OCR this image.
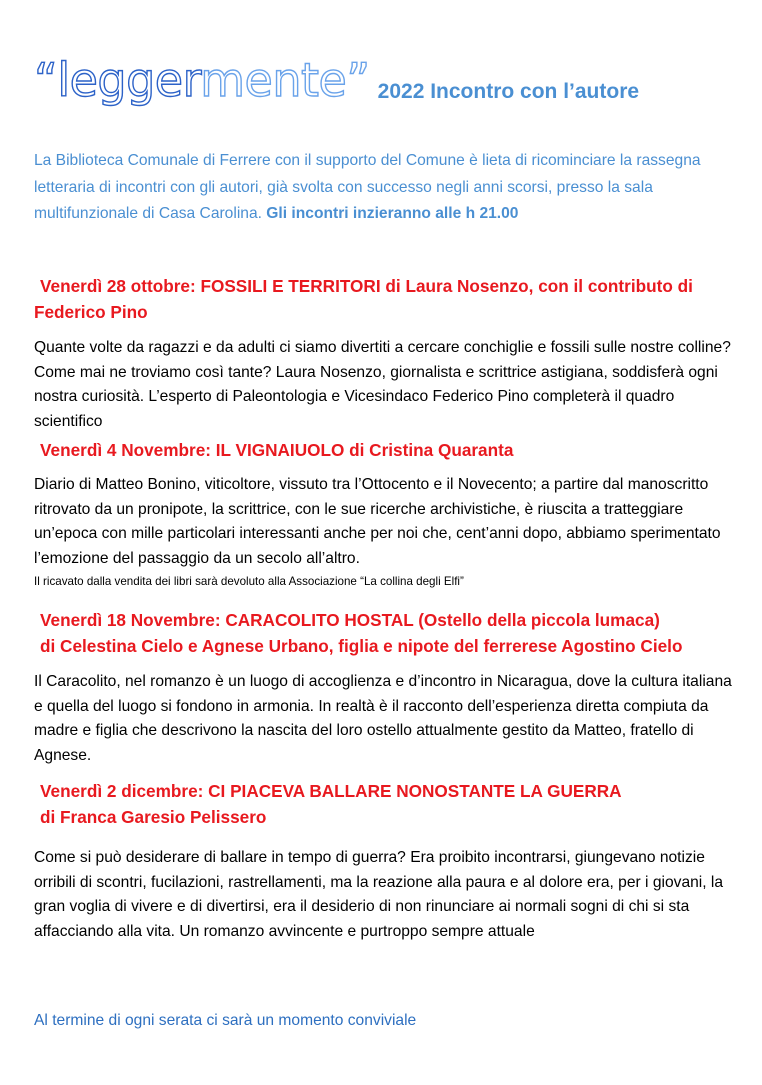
“leggermente” 2022 Incontro con l’autore
La Biblioteca Comunale di Ferrere con il supporto del Comune è lieta di ricominciare la rassegna letteraria di incontri con gli autori, già svolta con successo negli anni scorsi, presso la sala multifunzionale di Casa Carolina. Gli incontri inzieranno alle h 21.00
Venerdì 28 ottobre: FOSSILI E TERRITORI di Laura Nosenzo, con il contributo di
Federico Pino
Quante volte da ragazzi e da adulti ci siamo divertiti a cercare conchiglie e fossili sulle nostre colline? Come mai ne troviamo così tante? Laura Nosenzo, giornalista e scrittrice astigiana, soddisferà ogni nostra curiosità. L’esperto di Paleontologia e Vicesindaco Federico Pino completerà il quadro scientifico
Venerdì 4 Novembre: IL VIGNAIUOLO di Cristina Quaranta
Diario di Matteo Bonino, viticoltore, vissuto tra l’Ottocento e il Novecento; a partire dal manoscritto ritrovato da un pronipote, la scrittrice, con le sue ricerche archivistiche, è riuscita a tratteggiare un’epoca con mille particolari interessanti anche per noi che, cent’anni dopo, abbiamo sperimentato l’emozione del passaggio da un secolo all’altro.
Il ricavato dalla vendita dei libri sarà devoluto alla Associazione “La collina degli Elfi”
Venerdì 18 Novembre: CARACOLITO HOSTAL (Ostello della piccola lumaca)
di Celestina Cielo e Agnese Urbano, figlia e nipote del ferrerese Agostino Cielo
Il Caracolito, nel romanzo è un luogo di accoglienza e d’incontro in Nicaragua, dove la cultura italiana e quella del luogo si fondono in armonia. In realtà è il racconto dell’esperienza diretta compiuta da madre e figlia che descrivono la nascita del loro ostello attualmente gestito da Matteo, fratello di Agnese.
Venerdì 2 dicembre: CI PIACEVA BALLARE NONOSTANTE LA GUERRA
di Franca Garesio Pelissero
Come si può desiderare di ballare in tempo di guerra? Era proibito incontrarsi, giungevano notizie orribili di scontri, fucilazioni, rastrellamenti, ma la reazione alla paura e al dolore era, per i giovani, la gran voglia di vivere e di divertirsi, era il desiderio di non rinunciare ai normali sogni di chi si sta affacciando alla vita. Un romanzo avvincente e purtroppo sempre attuale
Al termine di ogni serata ci sarà un momento conviviale
